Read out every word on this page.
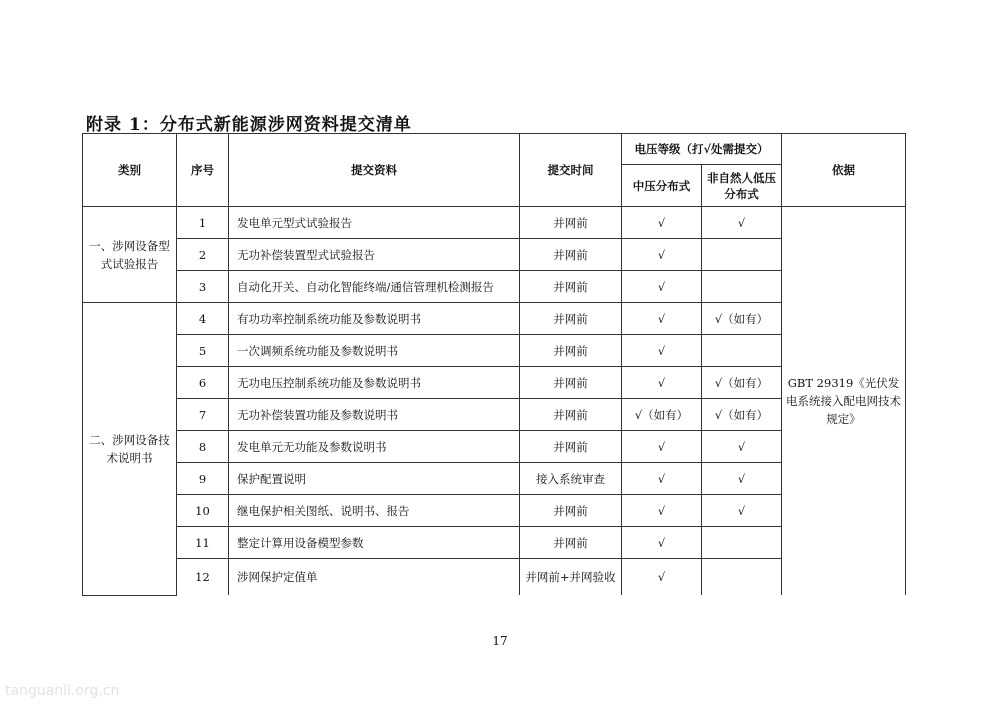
附录 1：分布式新能源涉网资料提交清单
类别	序号	提交资料	提交时间	电压等级（打√处需提交）		依据
				中压分布式	非自然人低压分布式	
一、涉网设备型式试验报告	1	发电单元型式试验报告	并网前	√	√	GBT 29319《光伏发电系统接入配电网技术规定》
	2	无功补偿装置型式试验报告	并网前	√		
	3	自动化开关、自动化智能终端/通信管理机检测报告	并网前	√		
二、涉网设备技术说明书	4	有功功率控制系统功能及参数说明书	并网前	√	√（如有）	
	5	一次调频系统功能及参数说明书	并网前	√		
	6	无功电压控制系统功能及参数说明书	并网前	√	√（如有）	
	7	无功补偿装置功能及参数说明书	并网前	√（如有）	√（如有）	
	8	发电单元无功能及参数说明书	并网前	√	√	
	9	保护配置说明	接入系统审查	√	√	
	10	继电保护相关图纸、说明书、报告	并网前	√	√	
	11	整定计算用设备模型参数	并网前	√		
	12	涉网保护定值单	并网前+并网验收	√		
17
tanguanli.org.cn
